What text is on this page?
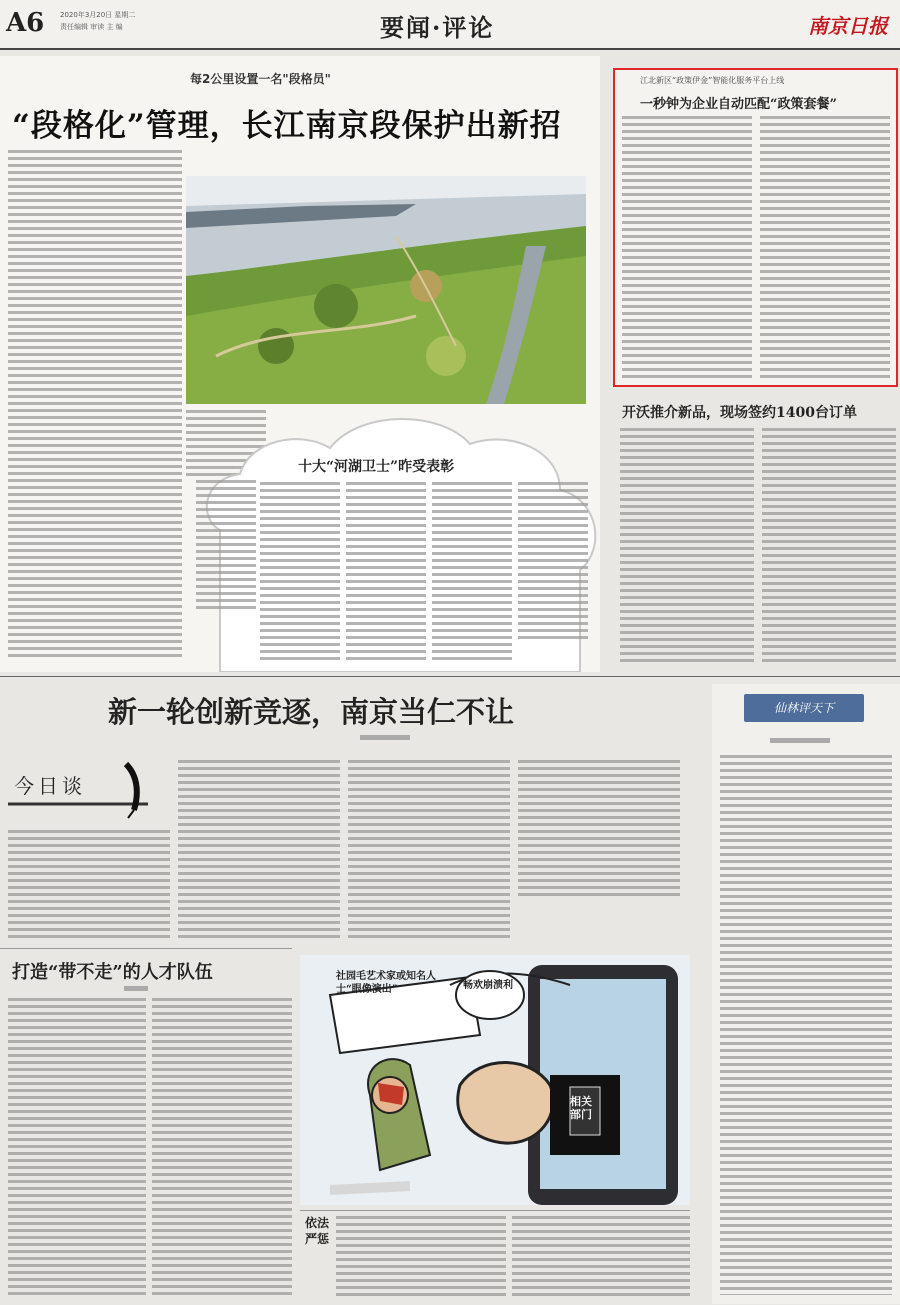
A6 2020年3月20日 星期二
责任编辑 审读 主 编	要闻·评论	南京日报
每2公里设置一名"段格员"
“段格化”管理，长江南京段保护出新招
十大“河湖卫士”昨受表彰
江北新区“政策伊金”智能化服务平台上线
一秒钟为企业自动匹配“政策套餐”
开沃推介新品，现场签约1400台订单
新一轮创新竞逐，南京当仁不让
今日谈
仙林评天下
打造“带不走”的人才队伍	社园毛艺术家或知名人士“眼像演出”	畅欢崩溃利
相关部门
依法严惩
